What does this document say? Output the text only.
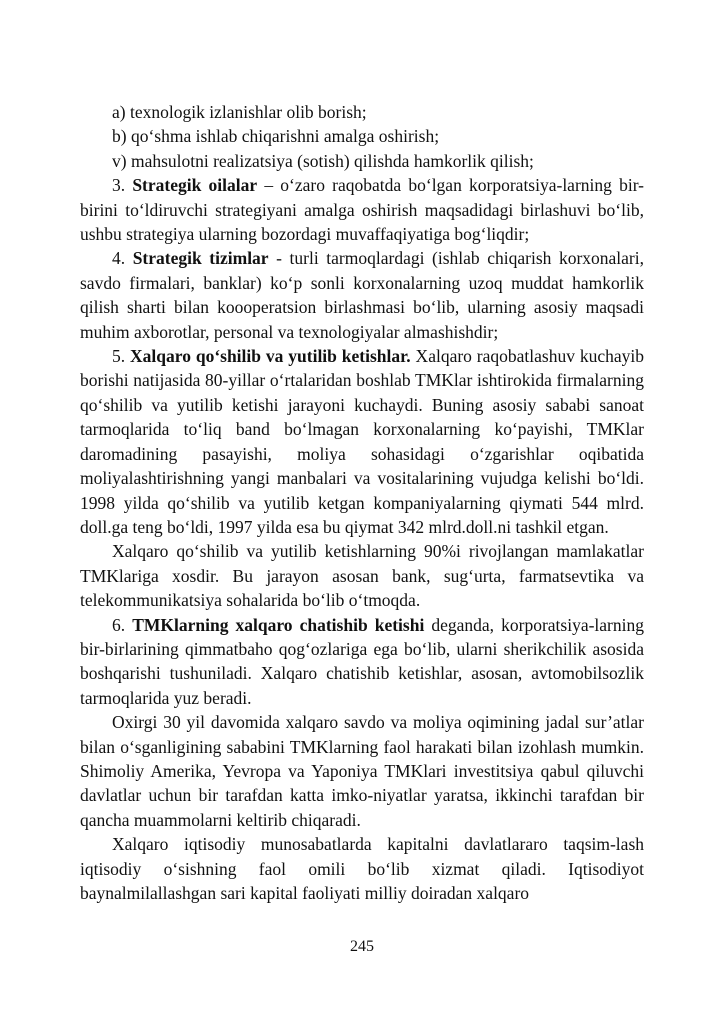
a) texnologik izlanishlar olib borish;

b) qo‘shma ishlab chiqarishni amalga oshirish;

v) mahsulotni realizatsiya (sotish) qilishda hamkorlik qilish;

3. Strategik oilalar – o‘zaro raqobatda bo‘lgan korporatsiya-larning bir-birini to‘ldiruvchi strategiyani amalga oshirish maqsadidagi birlashuvi bo‘lib, ushbu strategiya ularning bozordagi muvaffaqiyatiga bog‘liqdir;

4. Strategik tizimlar - turli tarmoqlardagi (ishlab chiqarish korxonalari, savdo firmalari, banklar) ko‘p sonli korxonalarning uzoq muddat hamkorlik qilish sharti bilan koooperatsion birlashmasi bo‘lib, ularning asosiy maqsadi muhim axborotlar, personal va texnologiyalar almashishdir;

5. Xalqaro qo‘shilib va yutilib ketishlar. Xalqaro raqobatlashuv kuchayib borishi natijasida 80-yillar o‘rtalaridan boshlab TMKlar ishtirokida firmalarning qo‘shilib va yutilib ketishi jarayoni kuchaydi. Buning asosiy sababi sanoat tarmoqlarida to‘liq band bo‘lmagan korxonalarning ko‘payishi, TMKlar daromadining pasayishi, moliya sohasidagi o‘zgarishlar oqibatida moliyalashtirishning yangi manbalari va vositalarining vujudga kelishi bo‘ldi. 1998 yilda qo‘shilib va yutilib ketgan kompaniyalarning qiymati 544 mlrd. doll.ga teng bo‘ldi, 1997 yilda esa bu qiymat 342 mlrd.doll.ni tashkil etgan.

Xalqaro qo‘shilib va yutilib ketishlarning 90%i rivojlangan mamlakatlar TMKlariga xosdir. Bu jarayon asosan bank, sug‘urta, farmatsevtika va telekommunikatsiya sohalarida bo‘lib o‘tmoqda.

6. TMKlarning xalqaro chatishib ketishi deganda, korporatsiya-larning bir-birlarining qimmatbaho qog‘ozlariga ega bo‘lib, ularni sherikchilik asosida boshqarishi tushuniladi. Xalqaro chatishib ketishlar, asosan, avtomobilsozlik tarmoqlarida yuz beradi.

Oxirgi 30 yil davomida xalqaro savdo va moliya oqimining jadal sur’atlar bilan o‘sganligining sababini TMKlarning faol harakati bilan izohlash mumkin. Shimoliy Amerika, Yevropa va Yaponiya TMKlari investitsiya qabul qiluvchi davlatlar uchun bir tarafdan katta imko-niyatlar yaratsa, ikkinchi tarafdan bir qancha muammolarni keltirib chiqaradi.

Xalqaro iqtisodiy munosabatlarda kapitalni davlatlararo taqsim-lash iqtisodiy o‘sishning faol omili bo‘lib xizmat qiladi. Iqtisodiyot baynalmilallashgan sari kapital faoliyati milliy doiradan xalqaro

245
